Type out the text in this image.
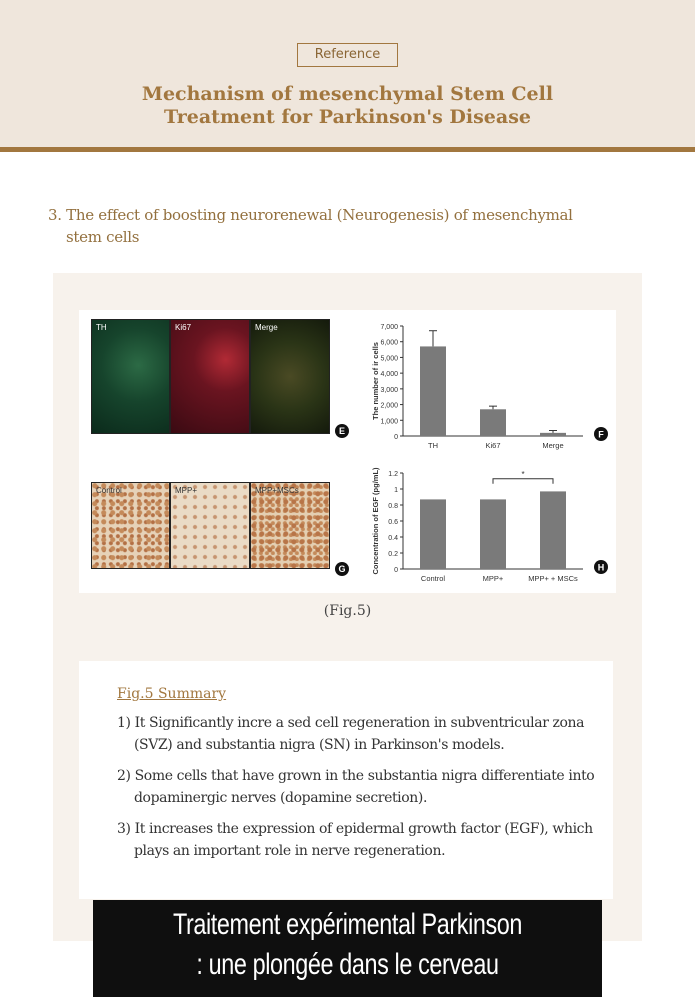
Reference
Mechanism of mesenchymal Stem Cell
Treatment for Parkinson's Disease
3. The effect of boosting neurorenewal (Neurogenesis) of mesenchymal
stem cells
TH	Ki67	Merge
E
Control	MPP+	MPP+MSCs
G
0
1,000
2,000
3,000
4,000
5,000
6,000
7,000
The number of ir cells
TH	Ki67	Merge
F
0
0.2
0.4
0.6
0.8
1
1.2
Concentration of EGF (pg/mL)
Control	MPP+	MPP+ + MSCs
*
H
(Fig.5)
Fig.5 Summary
1) It Significantly incre a sed cell regeneration in subventricular zona (SVZ) and substantia nigra (SN) in Parkinson's models.
2) Some cells that have grown in the substantia nigra differentiate into dopaminergic nerves (dopamine secretion).
3) It increases the expression of epidermal growth factor (EGF), which plays an important role in nerve regeneration.
Traitement expérimental Parkinson
: une plongée dans le cerveau
